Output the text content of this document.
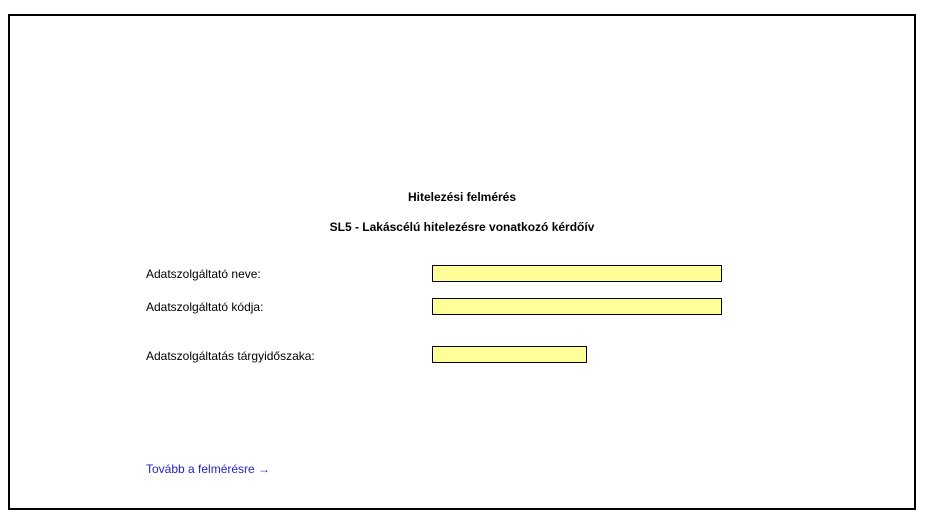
Hitelezési felmérés
SL5 - Lakáscélú hitelezésre vonatkozó kérdőív
Adatszolgáltató neve:
Adatszolgáltató kódja:
Adatszolgáltatás tárgyidőszaka:
Tovább a felmérésre →
